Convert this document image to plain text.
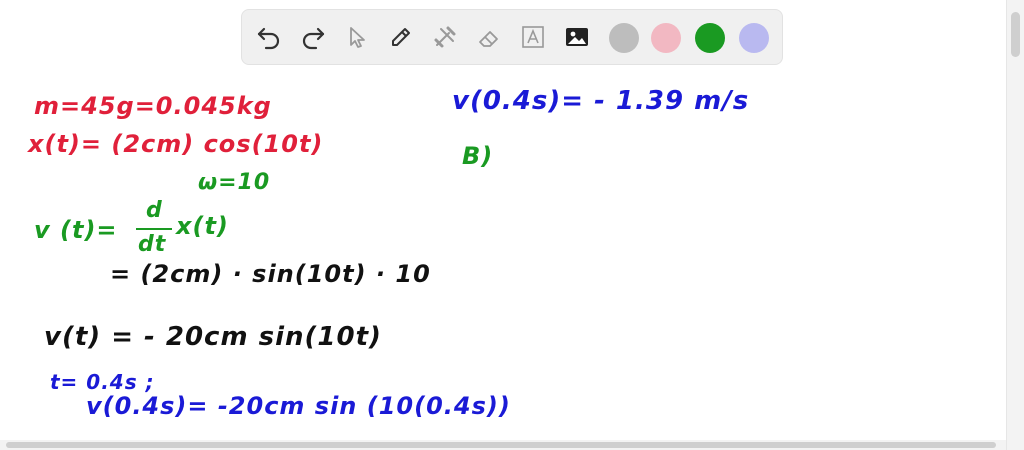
m=45g=0.045kg
x(t)= (2cm) cos(10t)
ω=10
v (t)=
d
dt
x(t)
= (2cm) · sin(10t) · 10
v(t) = - 20cm sin(10t)
t= 0.4s ;
v(0.4s)= -20cm sin (10(0.4s))
v(0.4s)= - 1.39 m/s
B)
